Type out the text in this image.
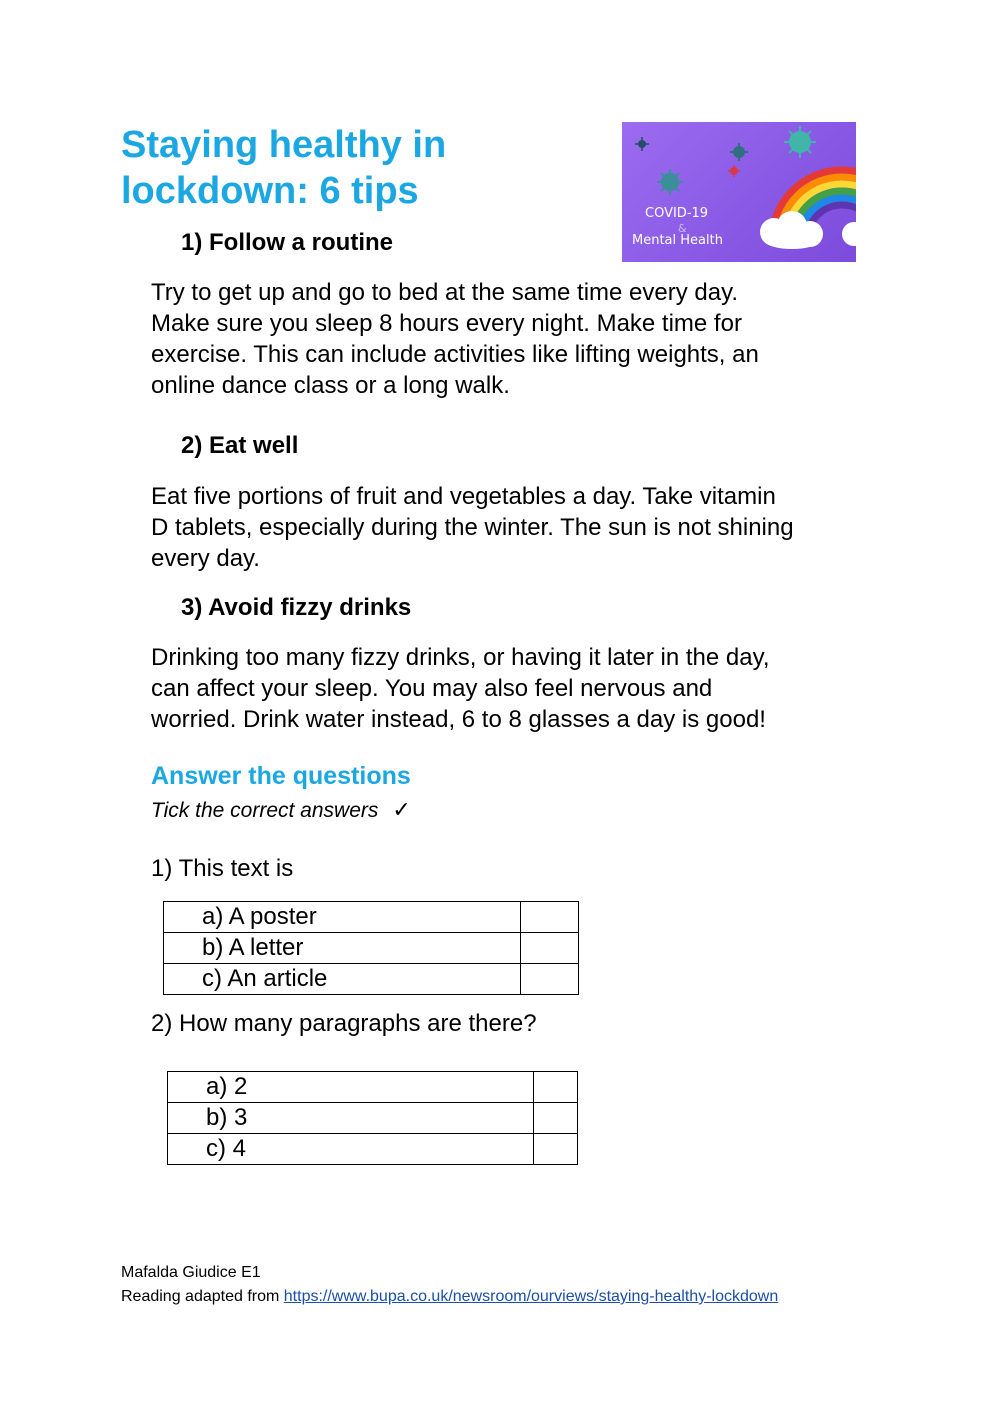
Staying healthy in
lockdown: 6 tips
COVID-19
&
Mental Health
1) Follow a routine

Try to get up and go to bed at the same time every day.
Make sure you sleep 8 hours every night. Make time for
exercise. This can include activities like lifting weights, an
online dance class or a long walk.

2) Eat well

Eat five portions of fruit and vegetables a day. Take vitamin
D tablets, especially during the winter. The sun is not shining
every day.

3) Avoid fizzy drinks

Drinking too many fizzy drinks, or having it later in the day,
can affect your sleep. You may also feel nervous and
worried. Drink water instead, 6 to 8 glasses a day is good!

Answer the questions

Tick the correct answers ✓

1) This text is

a) A poster	
b) A letter	
c) An article	

2) How many paragraphs are there?

a) 2	
b) 3	
c) 4	

Mafalda Giudice E1

Reading adapted from https://www.bupa.co.uk/newsroom/ourviews/staying-healthy-lockdown
